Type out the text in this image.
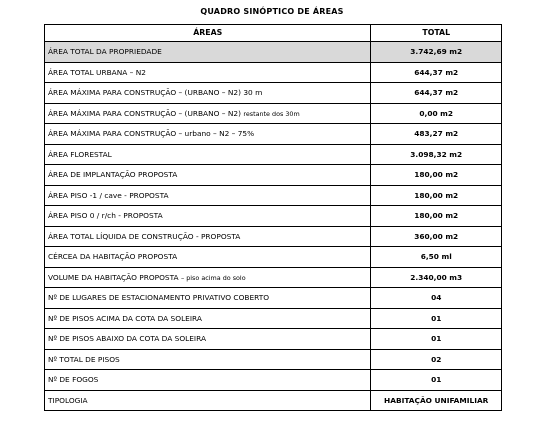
QUADRO SINÓPTICO DE ÁREAS
ÁREAS	TOTAL
ÁREA TOTAL DA PROPRIEDADE	3.742,69 m2
ÁREA TOTAL URBANA – N2	644,37 m2
ÁREA MÁXIMA PARA CONSTRUÇÃO – (URBANO – N2) 30 m	644,37 m2
ÁREA MÁXIMA PARA CONSTRUÇÃO – (URBANO – N2) restante dos 30m	0,00 m2
ÁREA MÁXIMA PARA CONSTRUÇÃO – urbano – N2 – 75%	483,27 m2
ÁREA FLORESTAL	3.098,32 m2
ÁREA DE IMPLANTAÇÃO PROPOSTA	180,00 m2
ÁREA PISO -1 / cave - PROPOSTA	180,00 m2
ÁREA PISO 0 / r/ch - PROPOSTA	180,00 m2
ÁREA TOTAL LÍQUIDA DE CONSTRUÇÃO - PROPOSTA	360,00 m2
CÉRCEA DA HABITAÇÃO PROPOSTA	6,50 ml
VOLUME DA HABITAÇÃO PROPOSTA – piso acima do solo	2.340,00 m3
Nº DE LUGARES DE ESTACIONAMENTO PRIVATIVO COBERTO	04
Nº DE PISOS ACIMA DA COTA DA SOLEIRA	01
Nº DE PISOS ABAIXO DA COTA DA SOLEIRA	01
Nº TOTAL DE PISOS	02
Nº DE FOGOS	01
TIPOLOGIA	HABITAÇÃO UNIFAMILIAR
